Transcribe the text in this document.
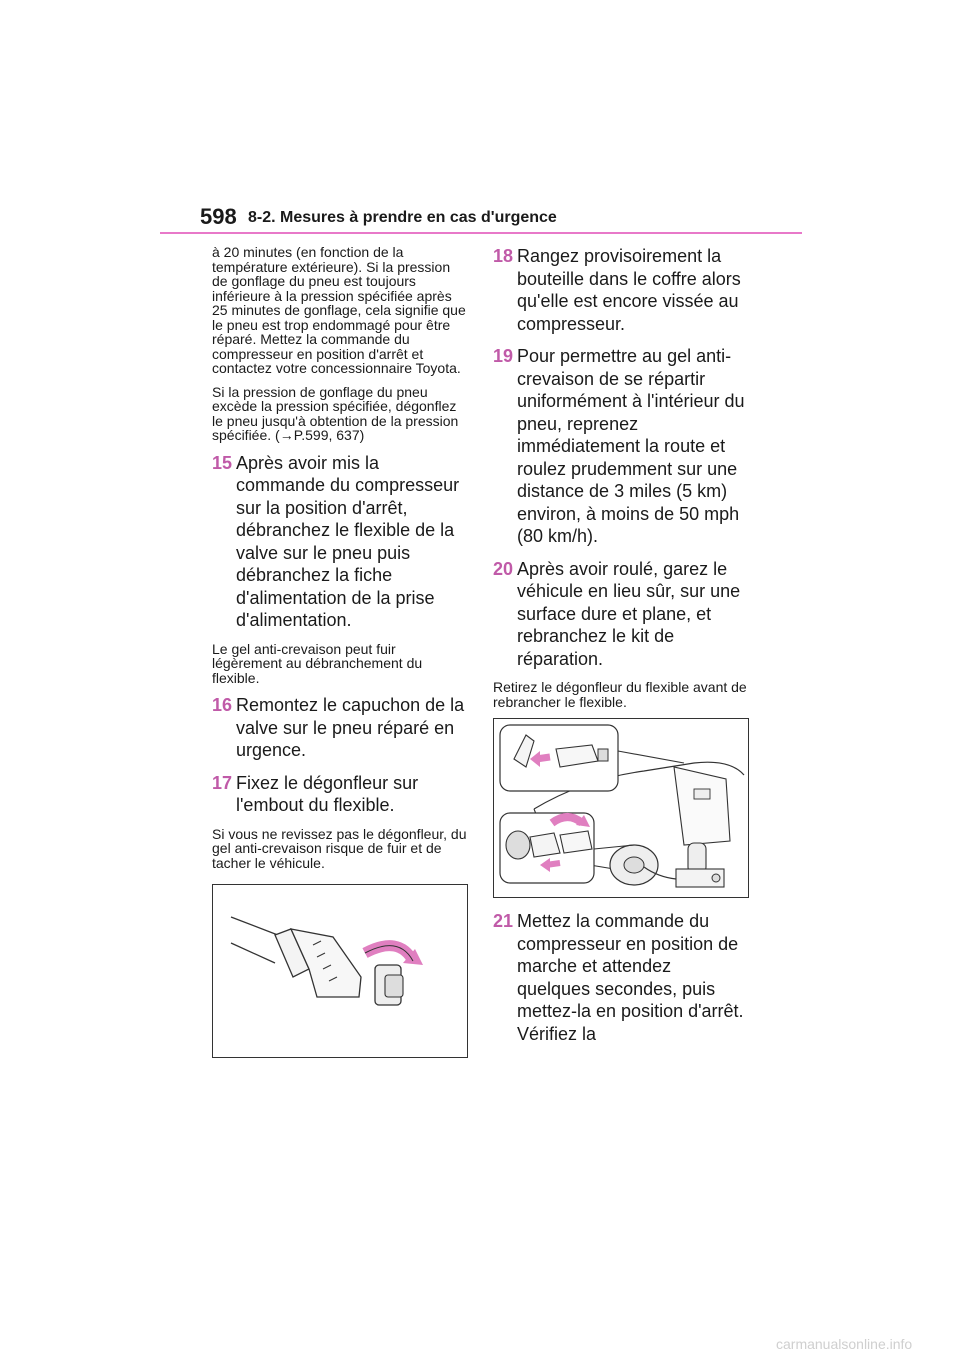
598 8-2. Mesures à prendre en cas d'urgence

à 20 minutes (en fonction de la température extérieure). Si la pression de gonflage du pneu est toujours inférieure à la pression spécifiée après 25 minutes de gonflage, cela signifie que le pneu est trop endommagé pour être réparé. Mettez la commande du compresseur en position d'arrêt et contactez votre concessionnaire Toyota.

Si la pression de gonflage du pneu excède la pression spécifiée, dégonflez le pneu jusqu'à obtention de la pression spécifiée. (→P.599, 637)

15 Après avoir mis la commande du compresseur sur la position d'arrêt, débranchez le flexible de la valve sur le pneu puis débranchez la fiche d'alimentation de la prise d'alimentation.

Le gel anti-crevaison peut fuir légèrement au débranchement du flexible.

16 Remontez le capuchon de la valve sur le pneu réparé en urgence.
17 Fixez le dégonfleur sur l'embout du flexible.

Si vous ne revissez pas le dégonfleur, du gel anti-crevaison risque de fuir et de tacher le véhicule.

18 Rangez provisoirement la bouteille dans le coffre alors qu'elle est encore vissée au compresseur.
19 Pour permettre au gel anti-crevaison de se répartir uniformément à l'intérieur du pneu, reprenez immédiatement la route et roulez prudemment sur une distance de 3 miles (5 km) environ, à moins de 50 mph (80 km/h).
20 Après avoir roulé, garez le véhicule en lieu sûr, sur une surface dure et plane, et rebranchez le kit de réparation.

Retirez le dégonfleur du flexible avant de rebrancher le flexible.

21 Mettez la commande du compresseur en position de marche et attendez quelques secondes, puis mettez-la en position d'arrêt. Vérifiez la
carmanualsonline.info
